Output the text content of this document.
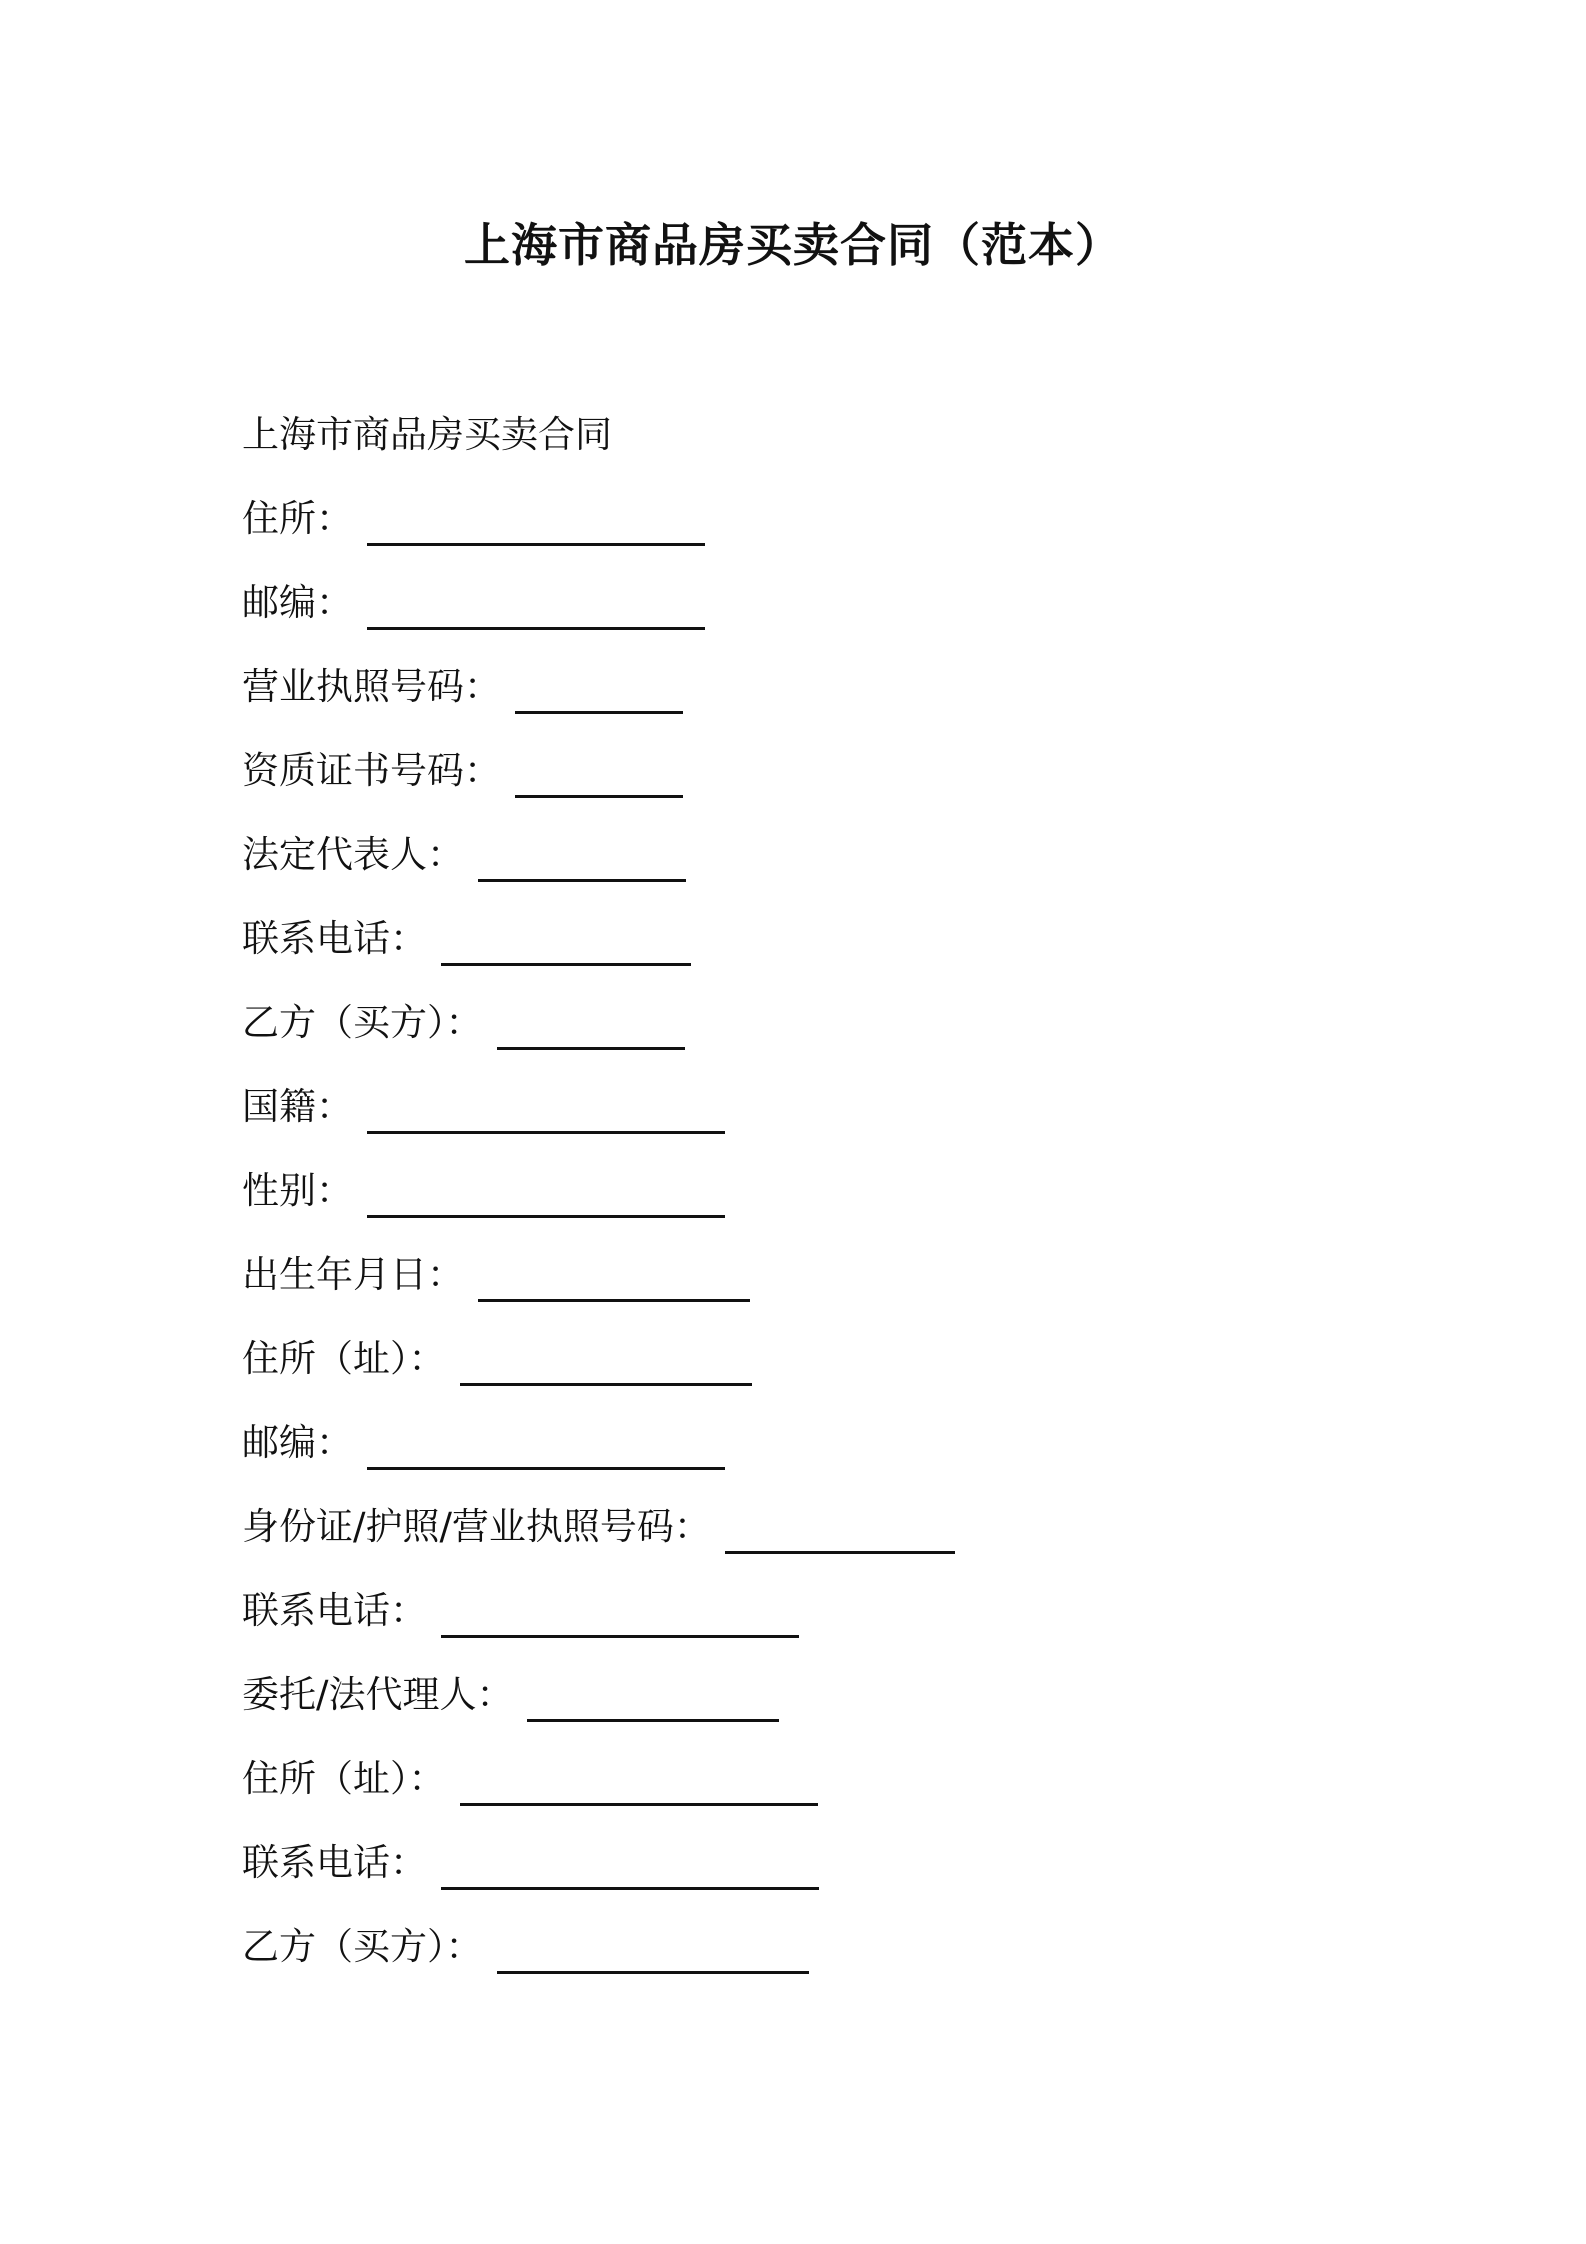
上海市商品房买卖合同（范本）
上海市商品房买卖合同
住所：
邮编：
营业执照号码：
资质证书号码：
法定代表人：
联系电话：
乙方（买方）：
国籍：
性别：
出生年月日：
住所（址）：
邮编：
身份证/护照/营业执照号码：
联系电话：
委托/法代理人：
住所（址）：
联系电话：
乙方（买方）：
